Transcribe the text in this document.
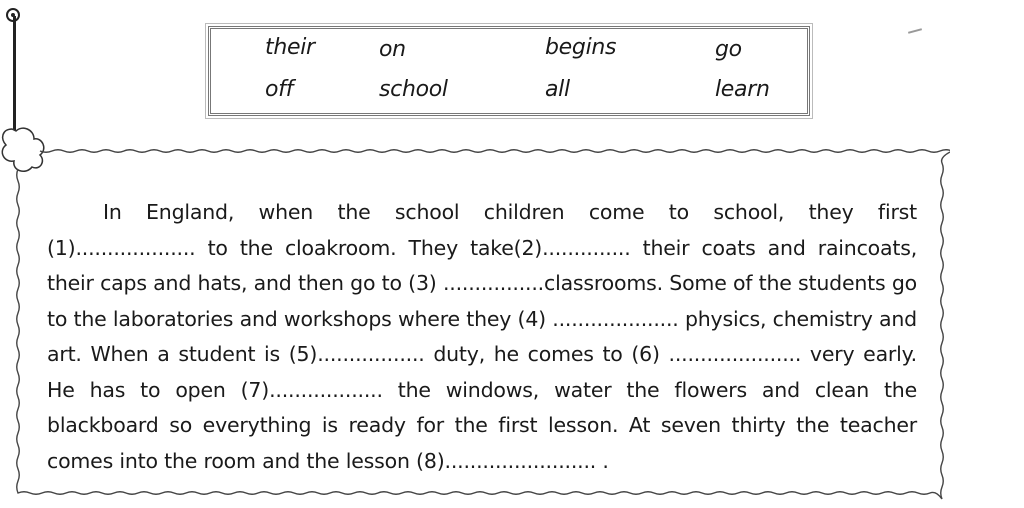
their	on	begins	go
off	school	all	learn

In England, when the school children come to school, they first (1)................... to the cloakroom. They take(2).............. their coats and raincoats, their caps and hats, and then go to (3) ................classrooms. Some of the students go to the laboratories and workshops where they (4) .................... physics, chemistry and art. When a student is (5)................. duty, he comes to (6) ..................... very early. He has to open (7).................. the windows, water the flowers and clean the blackboard so everything is ready for the first lesson. At seven thirty the teacher comes into the room and the lesson (8)........................ .
